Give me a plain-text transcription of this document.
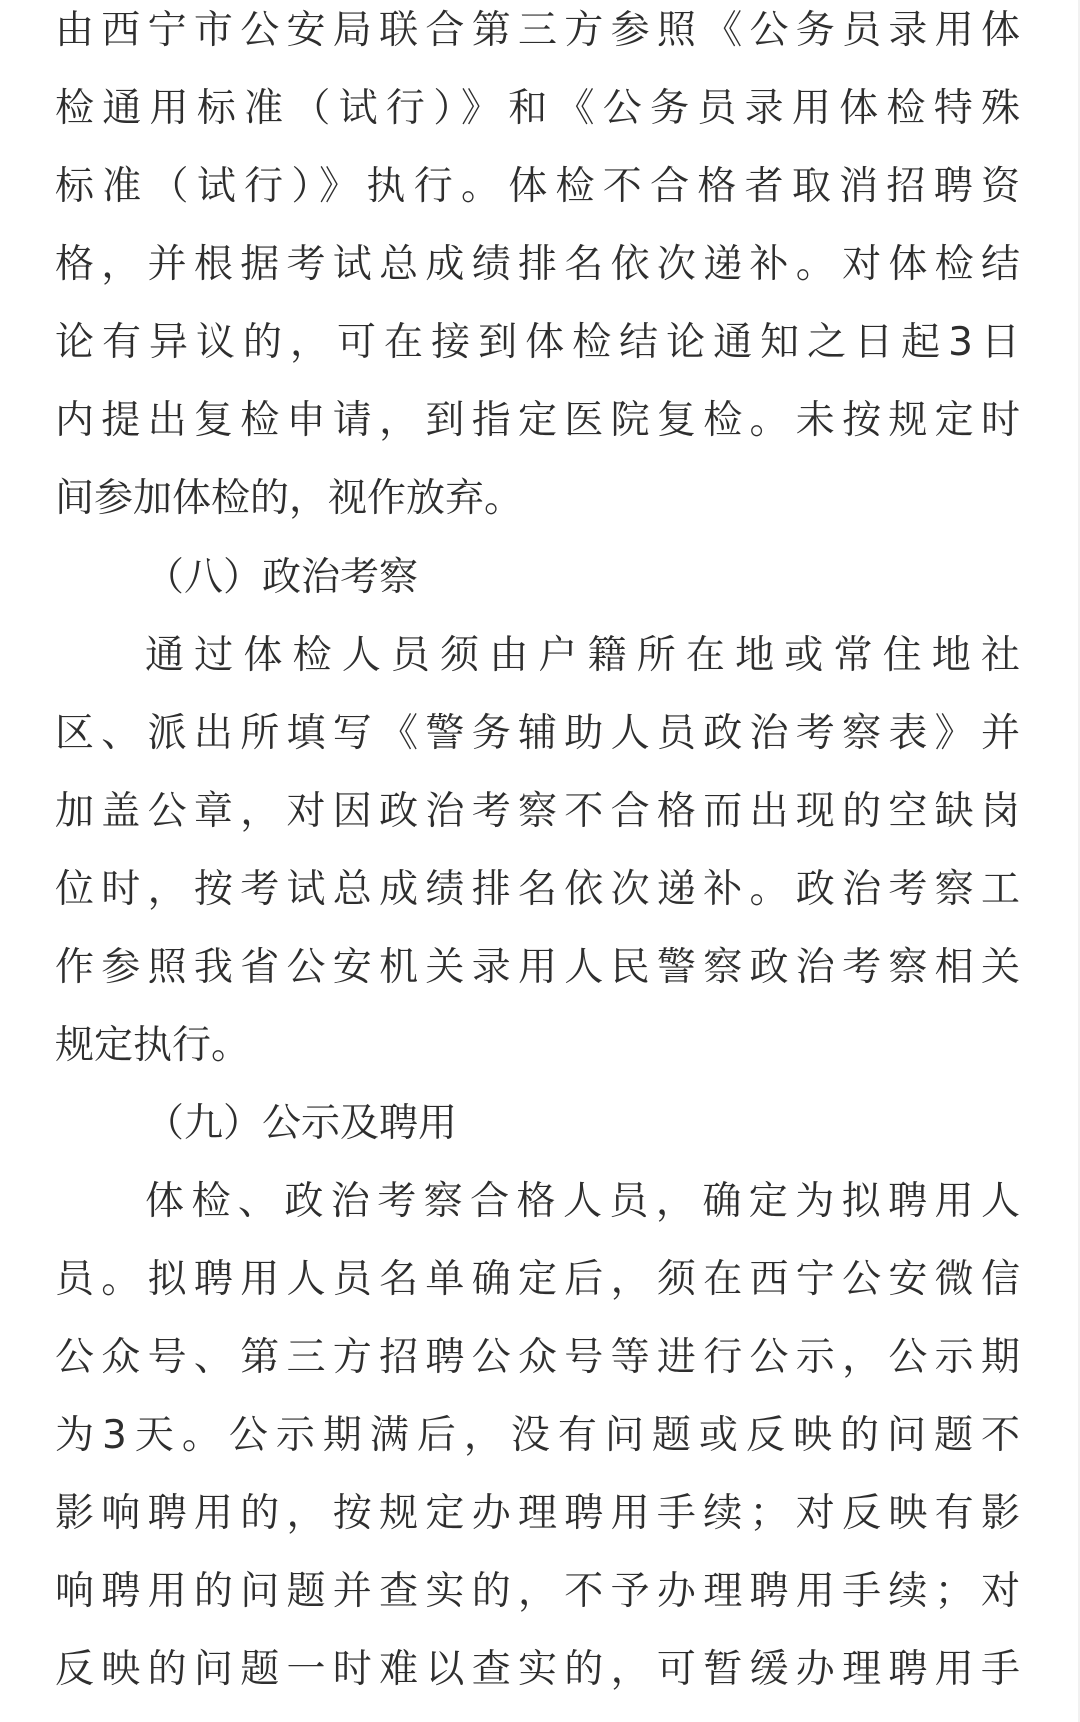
由西宁市公安局联合第三方参照《公务员录用体
检通用标准（试行）》和《公务员录用体检特殊
标准（试行）》执行。体检不合格者取消招聘资
格，并根据考试总成绩排名依次递补。对体检结
论有异议的，可在接到体检结论通知之日起3日
内提出复检申请，到指定医院复检。未按规定时
间参加体检的，视作放弃。
（八）政治考察
通过体检人员须由户籍所在地或常住地社
区、派出所填写《警务辅助人员政治考察表》并
加盖公章，对因政治考察不合格而出现的空缺岗
位时，按考试总成绩排名依次递补。政治考察工
作参照我省公安机关录用人民警察政治考察相关
规定执行。
（九）公示及聘用
体检、政治考察合格人员，确定为拟聘用人
员。拟聘用人员名单确定后，须在西宁公安微信
公众号、第三方招聘公众号等进行公示，公示期
为3天。公示期满后，没有问题或反映的问题不
影响聘用的，按规定办理聘用手续；对反映有影
响聘用的问题并查实的，不予办理聘用手续；对
反映的问题一时难以查实的，可暂缓办理聘用手
